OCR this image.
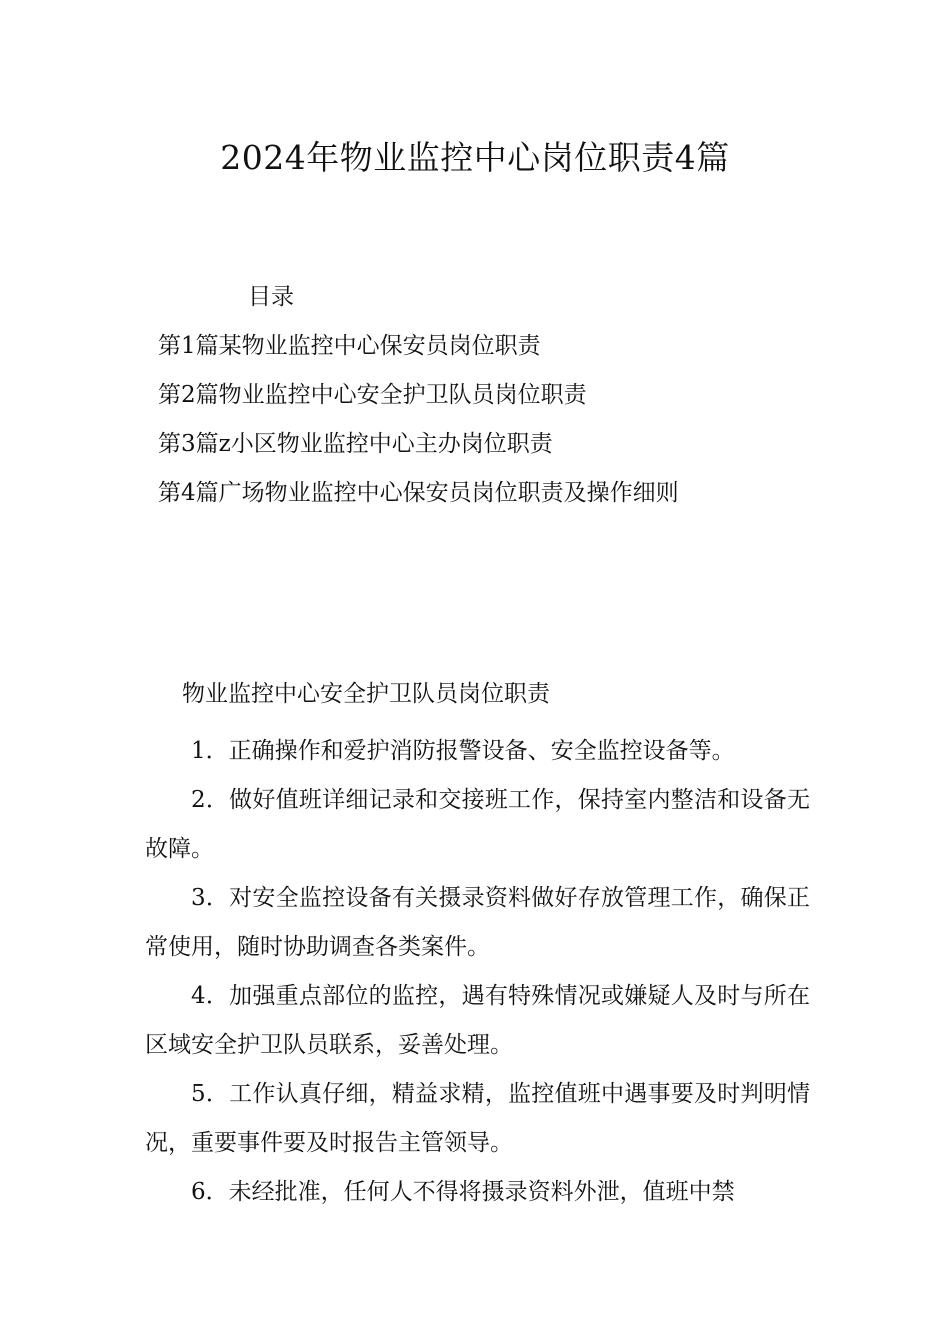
2024年物业监控中心岗位职责4篇
目录
第1篇某物业监控中心保安员岗位职责
第2篇物业监控中心安全护卫队员岗位职责
第3篇z小区物业监控中心主办岗位职责
第4篇广场物业监控中心保安员岗位职责及操作细则
物业监控中心安全护卫队员岗位职责

1．正确操作和爱护消防报警设备、安全监控设备等。

2．做好值班详细记录和交接班工作，保持室内整洁和设备无故障。

3．对安全监控设备有关摄录资料做好存放管理工作，确保正常使用，随时协助调查各类案件。

4．加强重点部位的监控，遇有特殊情况或嫌疑人及时与所在区域安全护卫队员联系，妥善处理。

5．工作认真仔细，精益求精，监控值班中遇事要及时判明情况，重要事件要及时报告主管领导。

6．未经批准，任何人不得将摄录资料外泄，值班中禁
